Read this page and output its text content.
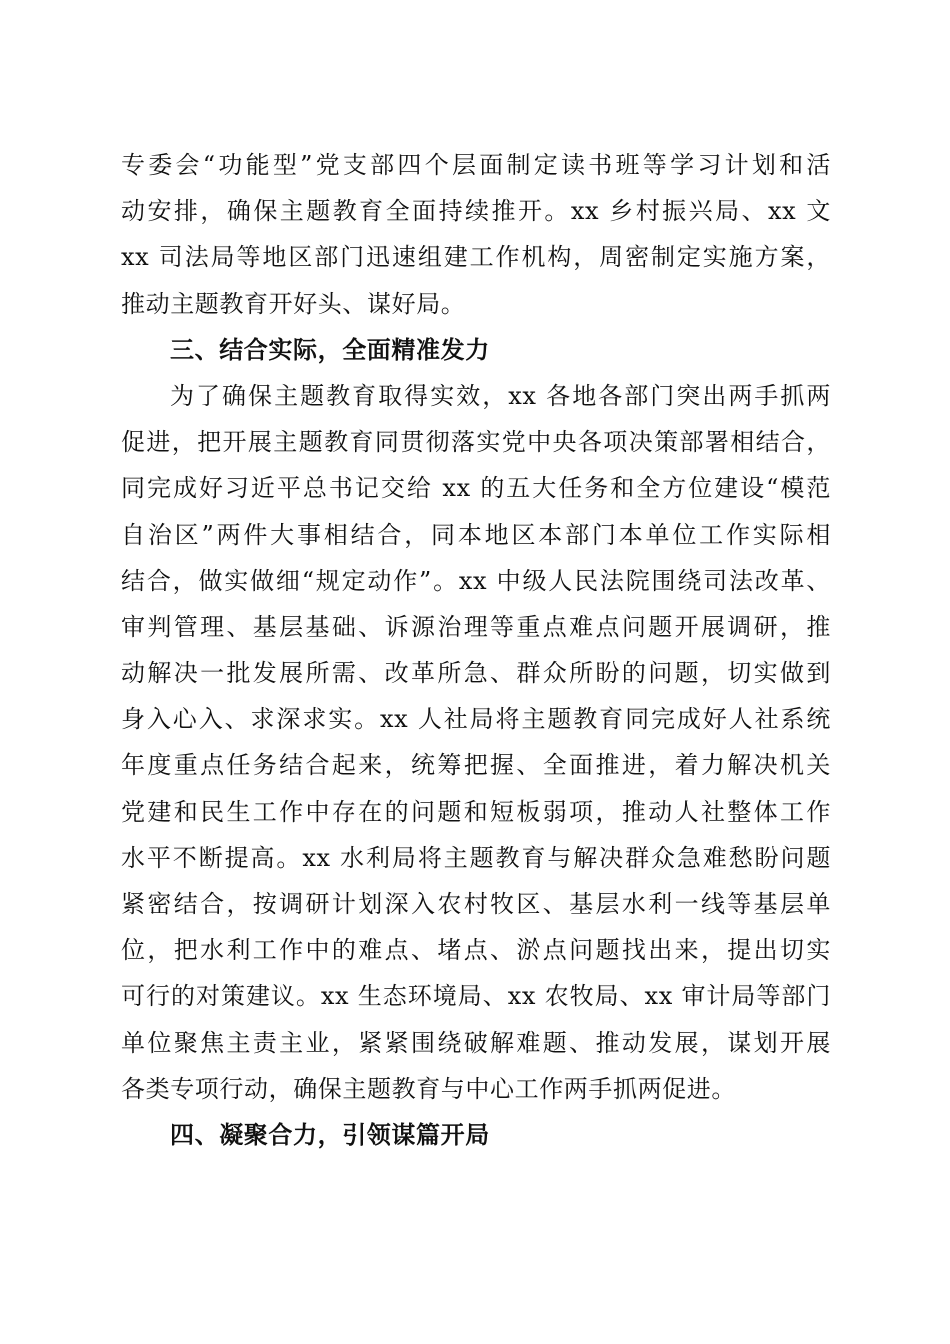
专委会“功能型”党支部四个层面制定读书班等学习计划和活
动安排，确保主题教育全面持续推开。xx 乡村振兴局、xx 文
xx 司法局等地区部门迅速组建工作机构，周密制定实施方案，
推动主题教育开好头、谋好局。
三、结合实际，全面精准发力
为了确保主题教育取得实效，xx 各地各部门突出两手抓两
促进，把开展主题教育同贯彻落实党中央各项决策部署相结合，
同完成好习近平总书记交给 xx 的五大任务和全方位建设“模范
自治区”两件大事相结合，同本地区本部门本单位工作实际相
结合，做实做细“规定动作”。xx 中级人民法院围绕司法改革、
审判管理、基层基础、诉源治理等重点难点问题开展调研，推
动解决一批发展所需、改革所急、群众所盼的问题，切实做到
身入心入、求深求实。xx 人社局将主题教育同完成好人社系统
年度重点任务结合起来，统筹把握、全面推进，着力解决机关
党建和民生工作中存在的问题和短板弱项，推动人社整体工作
水平不断提高。xx 水利局将主题教育与解决群众急难愁盼问题
紧密结合，按调研计划深入农村牧区、基层水利一线等基层单
位，把水利工作中的难点、堵点、淤点问题找出来，提出切实
可行的对策建议。xx 生态环境局、xx 农牧局、xx 审计局等部门
单位聚焦主责主业，紧紧围绕破解难题、推动发展，谋划开展
各类专项行动，确保主题教育与中心工作两手抓两促进。
四、凝聚合力，引领谋篇开局
